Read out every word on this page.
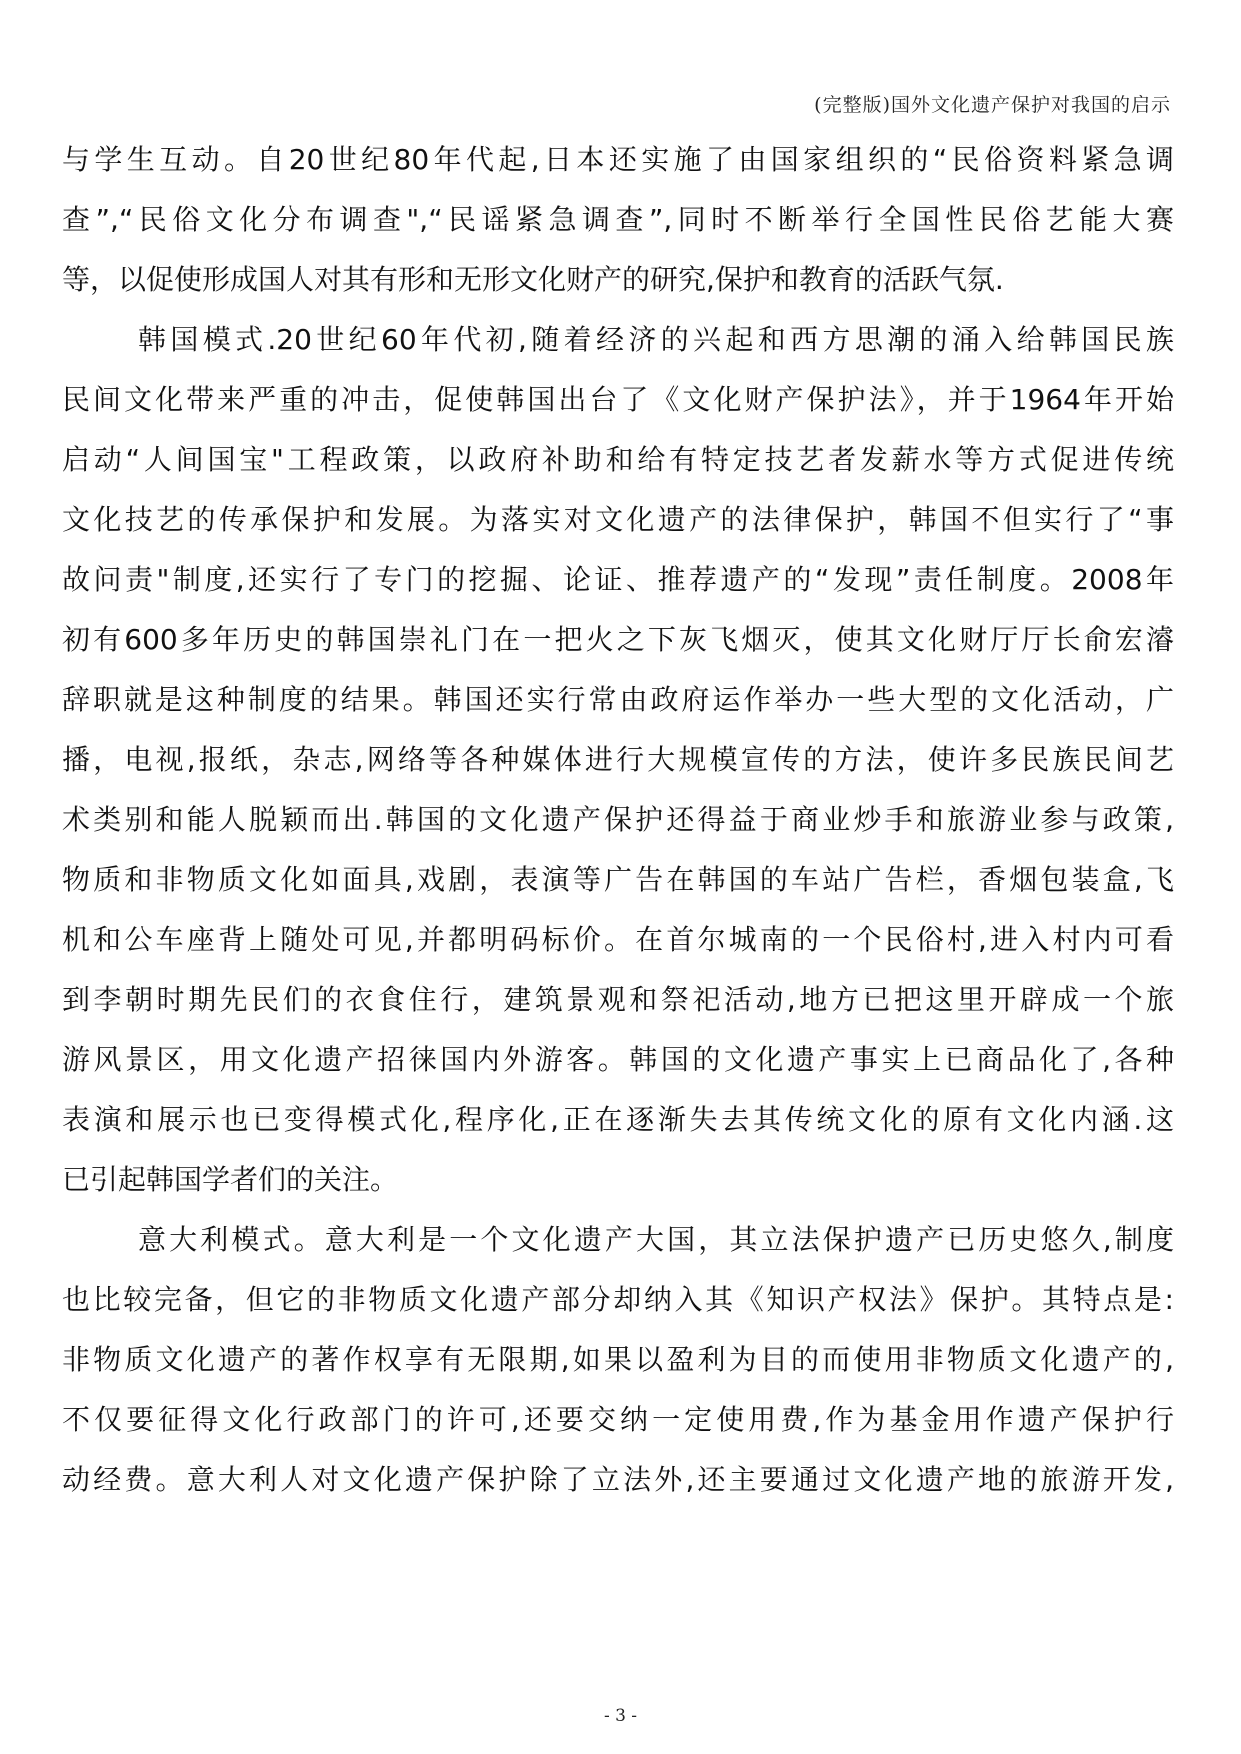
(完整版)国外文化遗产保护对我国的启示
与学生互动。自20世纪80年代起,日本还实施了由国家组织的“民俗资料紧急调
查”,“民俗文化分布调查",“民谣紧急调查”,同时不断举行全国性民俗艺能大赛
等，以促使形成国人对其有形和无形文化财产的研究,保护和教育的活跃气氛.
韩国模式.20世纪60年代初,随着经济的兴起和西方思潮的涌入给韩国民族
民间文化带来严重的冲击，促使韩国出台了《文化财产保护法》，并于1964年开始
启动“人间国宝"工程政策，以政府补助和给有特定技艺者发薪水等方式促进传统
文化技艺的传承保护和发展。为落实对文化遗产的法律保护，韩国不但实行了“事
故问责"制度,还实行了专门的挖掘、论证、推荐遗产的“发现”责任制度。2008年
初有600多年历史的韩国崇礼门在一把火之下灰飞烟灭，使其文化财厅厅长俞宏濬
辞职就是这种制度的结果。韩国还实行常由政府运作举办一些大型的文化活动，广
播，电视,报纸，杂志,网络等各种媒体进行大规模宣传的方法，使许多民族民间艺
术类别和能人脱颖而出.韩国的文化遗产保护还得益于商业炒手和旅游业参与政策,
物质和非物质文化如面具,戏剧，表演等广告在韩国的车站广告栏，香烟包装盒,飞
机和公车座背上随处可见,并都明码标价。在首尔城南的一个民俗村,进入村内可看
到李朝时期先民们的衣食住行，建筑景观和祭祀活动,地方已把这里开辟成一个旅
游风景区，用文化遗产招徕国内外游客。韩国的文化遗产事实上已商品化了,各种
表演和展示也已变得模式化,程序化,正在逐渐失去其传统文化的原有文化内涵.这
已引起韩国学者们的关注。
意大利模式。意大利是一个文化遗产大国，其立法保护遗产已历史悠久,制度
也比较完备，但它的非物质文化遗产部分却纳入其《知识产权法》保护。其特点是:
非物质文化遗产的著作权享有无限期,如果以盈利为目的而使用非物质文化遗产的,
不仅要征得文化行政部门的许可,还要交纳一定使用费,作为基金用作遗产保护行
动经费。意大利人对文化遗产保护除了立法外,还主要通过文化遗产地的旅游开发,
- 3 -
